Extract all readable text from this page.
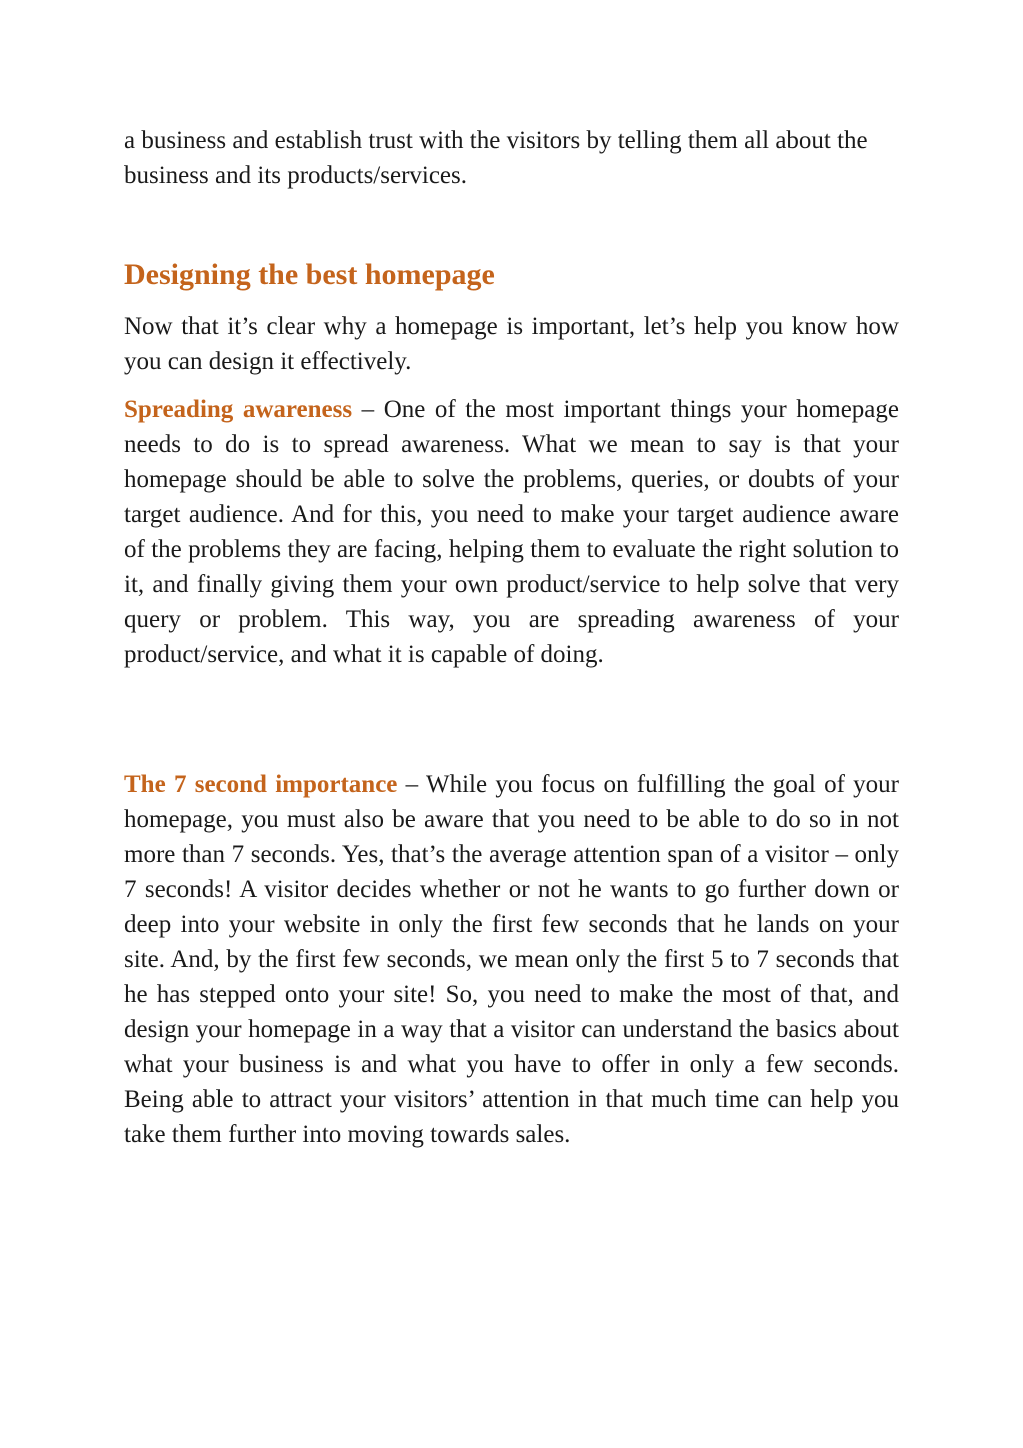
a business and establish trust with the visitors by telling them all about the business and its products/services.

Designing the best homepage

Now that it’s clear why a homepage is important, let’s help you know how you can design it effectively.

Spreading awareness – One of the most important things your homepage needs to do is to spread awareness. What we mean to say is that your homepage should be able to solve the problems, queries, or doubts of your target audience. And for this, you need to make your target audience aware of the problems they are facing, helping them to evaluate the right solution to it, and finally giving them your own product/service to help solve that very query or problem. This way, you are spreading awareness of your product/service, and what it is capable of doing.

The 7 second importance – While you focus on fulfilling the goal of your homepage, you must also be aware that you need to be able to do so in not more than 7 seconds. Yes, that’s the average attention span of a visitor – only 7 seconds! A visitor decides whether or not he wants to go further down or deep into your website in only the first few seconds that he lands on your site. And, by the first few seconds, we mean only the first 5 to 7 seconds that he has stepped onto your site! So, you need to make the most of that, and design your homepage in a way that a visitor can understand the basics about what your business is and what you have to offer in only a few seconds. Being able to attract your visitors’ attention in that much time can help you take them further into moving towards sales.
